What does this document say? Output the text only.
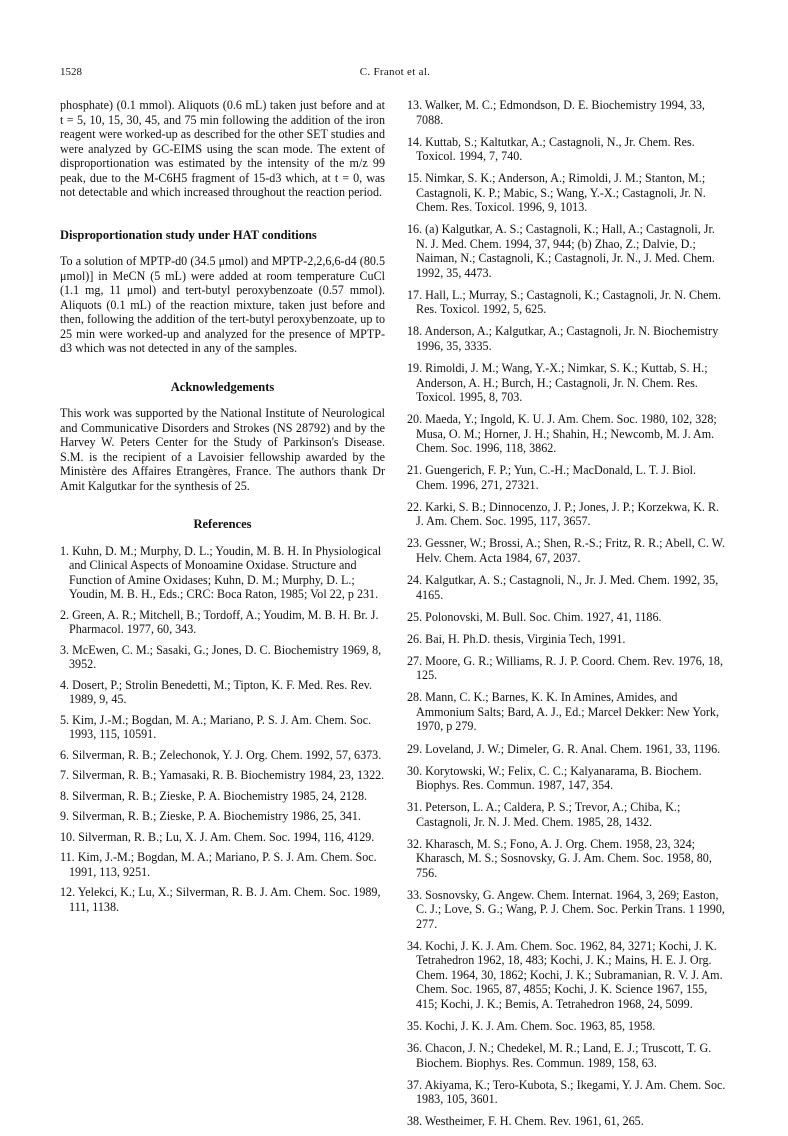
1528	C. Franot et al.

phosphate) (0.1 mmol). Aliquots (0.6 mL) taken just before and at t = 5, 10, 15, 30, 45, and 75 min following the addition of the iron reagent were worked-up as described for the other SET studies and were analyzed by GC-EIMS using the scan mode. The extent of disproportionation was estimated by the intensity of the m/z 99 peak, due to the M-C6H5 fragment of 15-d3 which, at t = 0, was not detectable and which increased throughout the reaction period.

Disproportionation study under HAT conditions

To a solution of MPTP-d0 (34.5 μmol) and MPTP-2,2,6,6-d4 (80.5 μmol)] in MeCN (5 mL) were added at room temperature CuCl (1.1 mg, 11 μmol) and tert-butyl peroxybenzoate (0.57 mmol). Aliquots (0.1 mL) of the reaction mixture, taken just before and then, following the addition of the tert-butyl peroxybenzoate, up to 25 min were worked-up and analyzed for the presence of MPTP-d3 which was not detected in any of the samples.

Acknowledgements

This work was supported by the National Institute of Neurological and Communicative Disorders and Strokes (NS 28792) and by the Harvey W. Peters Center for the Study of Parkinson's Disease. S.M. is the recipient of a Lavoisier fellowship awarded by the Ministère des Affaires Etrangères, France. The authors thank Dr Amit Kalgutkar for the synthesis of 25.

References
1. Kuhn, D. M.; Murphy, D. L.; Youdin, M. B. H. In Physiological and Clinical Aspects of Monoamine Oxidase. Structure and Function of Amine Oxidases; Kuhn, D. M.; Murphy, D. L.; Youdin, M. B. H., Eds.; CRC: Boca Raton, 1985; Vol 22, p 231.
2. Green, A. R.; Mitchell, B.; Tordoff, A.; Youdim, M. B. H. Br. J. Pharmacol. 1977, 60, 343.
3. McEwen, C. M.; Sasaki, G.; Jones, D. C. Biochemistry 1969, 8, 3952.
4. Dosert, P.; Strolin Benedetti, M.; Tipton, K. F. Med. Res. Rev. 1989, 9, 45.
5. Kim, J.-M.; Bogdan, M. A.; Mariano, P. S. J. Am. Chem. Soc. 1993, 115, 10591.
6. Silverman, R. B.; Zelechonok, Y. J. Org. Chem. 1992, 57, 6373.
7. Silverman, R. B.; Yamasaki, R. B. Biochemistry 1984, 23, 1322.
8. Silverman, R. B.; Zieske, P. A. Biochemistry 1985, 24, 2128.
9. Silverman, R. B.; Zieske, P. A. Biochemistry 1986, 25, 341.
10. Silverman, R. B.; Lu, X. J. Am. Chem. Soc. 1994, 116, 4129.
11. Kim, J.-M.; Bogdan, M. A.; Mariano, P. S. J. Am. Chem. Soc. 1991, 113, 9251.
12. Yelekci, K.; Lu, X.; Silverman, R. B. J. Am. Chem. Soc. 1989, 111, 1138.
13. Walker, M. C.; Edmondson, D. E. Biochemistry 1994, 33, 7088.
14. Kuttab, S.; Kaltutkar, A.; Castagnoli, N., Jr. Chem. Res. Toxicol. 1994, 7, 740.
15. Nimkar, S. K.; Anderson, A.; Rimoldi, J. M.; Stanton, M.; Castagnoli, K. P.; Mabic, S.; Wang, Y.-X.; Castagnoli, Jr. N. Chem. Res. Toxicol. 1996, 9, 1013.
16. (a) Kalgutkar, A. S.; Castagnoli, K.; Hall, A.; Castagnoli, Jr. N. J. Med. Chem. 1994, 37, 944; (b) Zhao, Z.; Dalvie, D.; Naiman, N.; Castagnoli, K.; Castagnoli, Jr. N., J. Med. Chem. 1992, 35, 4473.
17. Hall, L.; Murray, S.; Castagnoli, K.; Castagnoli, Jr. N. Chem. Res. Toxicol. 1992, 5, 625.
18. Anderson, A.; Kalgutkar, A.; Castagnoli, Jr. N. Biochemistry 1996, 35, 3335.
19. Rimoldi, J. M.; Wang, Y.-X.; Nimkar, S. K.; Kuttab, S. H.; Anderson, A. H.; Burch, H.; Castagnoli, Jr. N. Chem. Res. Toxicol. 1995, 8, 703.
20. Maeda, Y.; Ingold, K. U. J. Am. Chem. Soc. 1980, 102, 328; Musa, O. M.; Horner, J. H.; Shahin, H.; Newcomb, M. J. Am. Chem. Soc. 1996, 118, 3862.
21. Guengerich, F. P.; Yun, C.-H.; MacDonald, L. T. J. Biol. Chem. 1996, 271, 27321.
22. Karki, S. B.; Dinnocenzo, J. P.; Jones, J. P.; Korzekwa, K. R. J. Am. Chem. Soc. 1995, 117, 3657.
23. Gessner, W.; Brossi, A.; Shen, R.-S.; Fritz, R. R.; Abell, C. W. Helv. Chem. Acta 1984, 67, 2037.
24. Kalgutkar, A. S.; Castagnoli, N., Jr. J. Med. Chem. 1992, 35, 4165.
25. Polonovski, M. Bull. Soc. Chim. 1927, 41, 1186.
26. Bai, H. Ph.D. thesis, Virginia Tech, 1991.
27. Moore, G. R.; Williams, R. J. P. Coord. Chem. Rev. 1976, 18, 125.
28. Mann, C. K.; Barnes, K. K. In Amines, Amides, and Ammonium Salts; Bard, A. J., Ed.; Marcel Dekker: New York, 1970, p 279.
29. Loveland, J. W.; Dimeler, G. R. Anal. Chem. 1961, 33, 1196.
30. Korytowski, W.; Felix, C. C.; Kalyanarama, B. Biochem. Biophys. Res. Commun. 1987, 147, 354.
31. Peterson, L. A.; Caldera, P. S.; Trevor, A.; Chiba, K.; Castagnoli, Jr. N. J. Med. Chem. 1985, 28, 1432.
32. Kharasch, M. S.; Fono, A. J. Org. Chem. 1958, 23, 324; Kharasch, M. S.; Sosnovsky, G. J. Am. Chem. Soc. 1958, 80, 756.
33. Sosnovsky, G. Angew. Chem. Internat. 1964, 3, 269; Easton, C. J.; Love, S. G.; Wang, P. J. Chem. Soc. Perkin Trans. 1 1990, 277.
34. Kochi, J. K. J. Am. Chem. Soc. 1962, 84, 3271; Kochi, J. K. Tetrahedron 1962, 18, 483; Kochi, J. K.; Mains, H. E. J. Org. Chem. 1964, 30, 1862; Kochi, J. K.; Subramanian, R. V. J. Am. Chem. Soc. 1965, 87, 4855; Kochi, J. K. Science 1967, 155, 415; Kochi, J. K.; Bemis, A. Tetrahedron 1968, 24, 5099.
35. Kochi, J. K. J. Am. Chem. Soc. 1963, 85, 1958.
36. Chacon, J. N.; Chedekel, M. R.; Land, E. J.; Truscott, T. G. Biochem. Biophys. Res. Commun. 1989, 158, 63.
37. Akiyama, K.; Tero-Kubota, S.; Ikegami, Y. J. Am. Chem. Soc. 1983, 105, 3601.
38. Westheimer, F. H. Chem. Rev. 1961, 61, 265.
